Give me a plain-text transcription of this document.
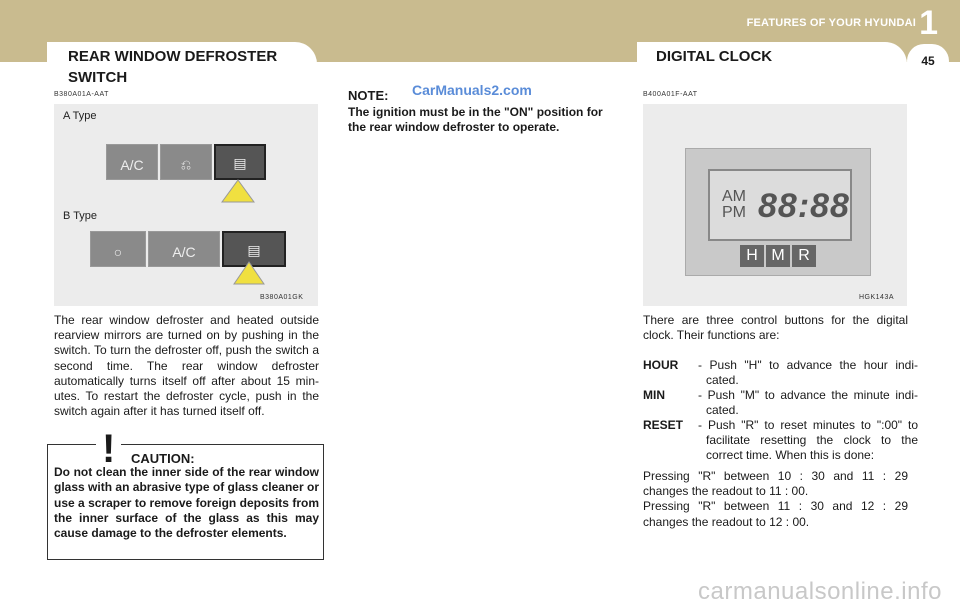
FEATURES OF YOUR HYUNDAI 1
45
REAR WINDOW DEFROSTER
SWITCH
B380A01A-AAT
A Type
A/C	⎌	▤
B Type
○	A/C	▤
B380A01GK
The rear window defroster and heated outside rearview mirrors are turned on by pushing in the switch. To turn the defroster off, push the switch a second time. The rear window defroster automatically turns itself off after about 15 min-utes. To restart the defroster cycle, push in the switch again after it has turned itself off.
!	CAUTION:
Do not clean the inner side of the rear window glass with an abrasive type of glass cleaner or use a scraper to remove foreign deposits from the inner surface of the glass as this may cause damage to the defroster elements.
NOTE: CarManuals2.com
The ignition must be in the "ON" position for the rear window defroster to operate.
DIGITAL CLOCK
B400A01F-AAT
AM
PM 88:88
H M R
HGK143A
There are three control buttons for the digital clock. Their functions are:
HOUR - Push "H" to advance the hour indi-cated.
MIN	- Push "M" to advance the minute indi-cated.
RESET - Push "R" to reset minutes to ":00" to facilitate resetting the clock to the correct time. When this is done:
Pressing "R" between 10 : 30 and 11 : 29 changes the readout to 11 : 00.
Pressing "R" between 11 : 30 and 12 : 29 changes the readout to 12 : 00.
carmanualsonline.info
